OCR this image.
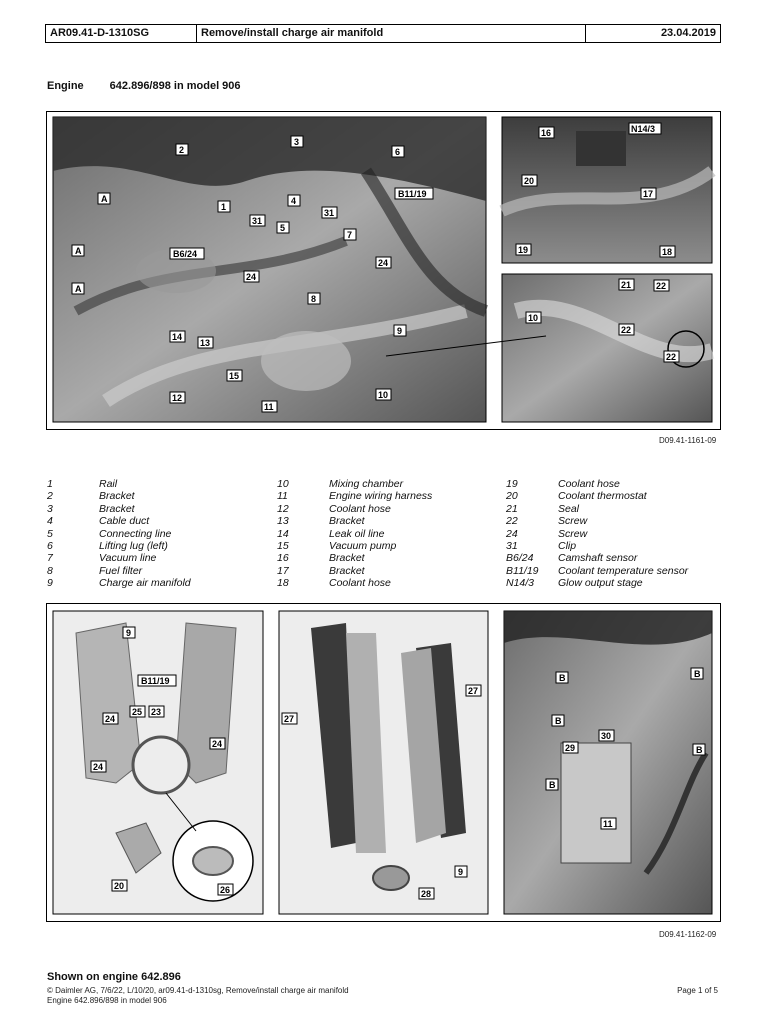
AR09.41-D-1310SG	Remove/install charge air manifold	23.04.2019
Engine 642.896/898 in model 906
A
A
A
2
3
6
1
4
31
31
5
B11/19
7
B6/24
24
24
8
14
13
9
15
12
11
10
16	N14/3
20
17
19	18
21	22
10
22
22
D09.41-1161-09
1	Rail
2	Bracket
3	Bracket
4	Cable duct
5	Connecting line
6	Lifting lug (left)
7	Vacuum line
8	Fuel filter
9	Charge air manifold
10	Mixing chamber
11	Engine wiring harness
12	Coolant hose
13	Bracket
14	Leak oil line
15	Vacuum pump
16	Bracket
17	Bracket
18	Coolant hose
19	Coolant hose
20	Coolant thermostat
21	Seal
22	Screw
24	Screw
31	Clip
B6/24	Camshaft sensor
B11/19	Coolant temperature sensor
N14/3	Glow output stage
9
B11/19
25 23
24
24
24
20	26
27
27
9
28
B	B
B
B
B
29
30
11
D09.41-1162-09
Shown on engine 642.896
© Daimler AG, 7/6/22, L/10/20, ar09.41-d-1310sg, Remove/install charge air manifold
Engine 642.896/898 in model 906
Page 1 of 5
